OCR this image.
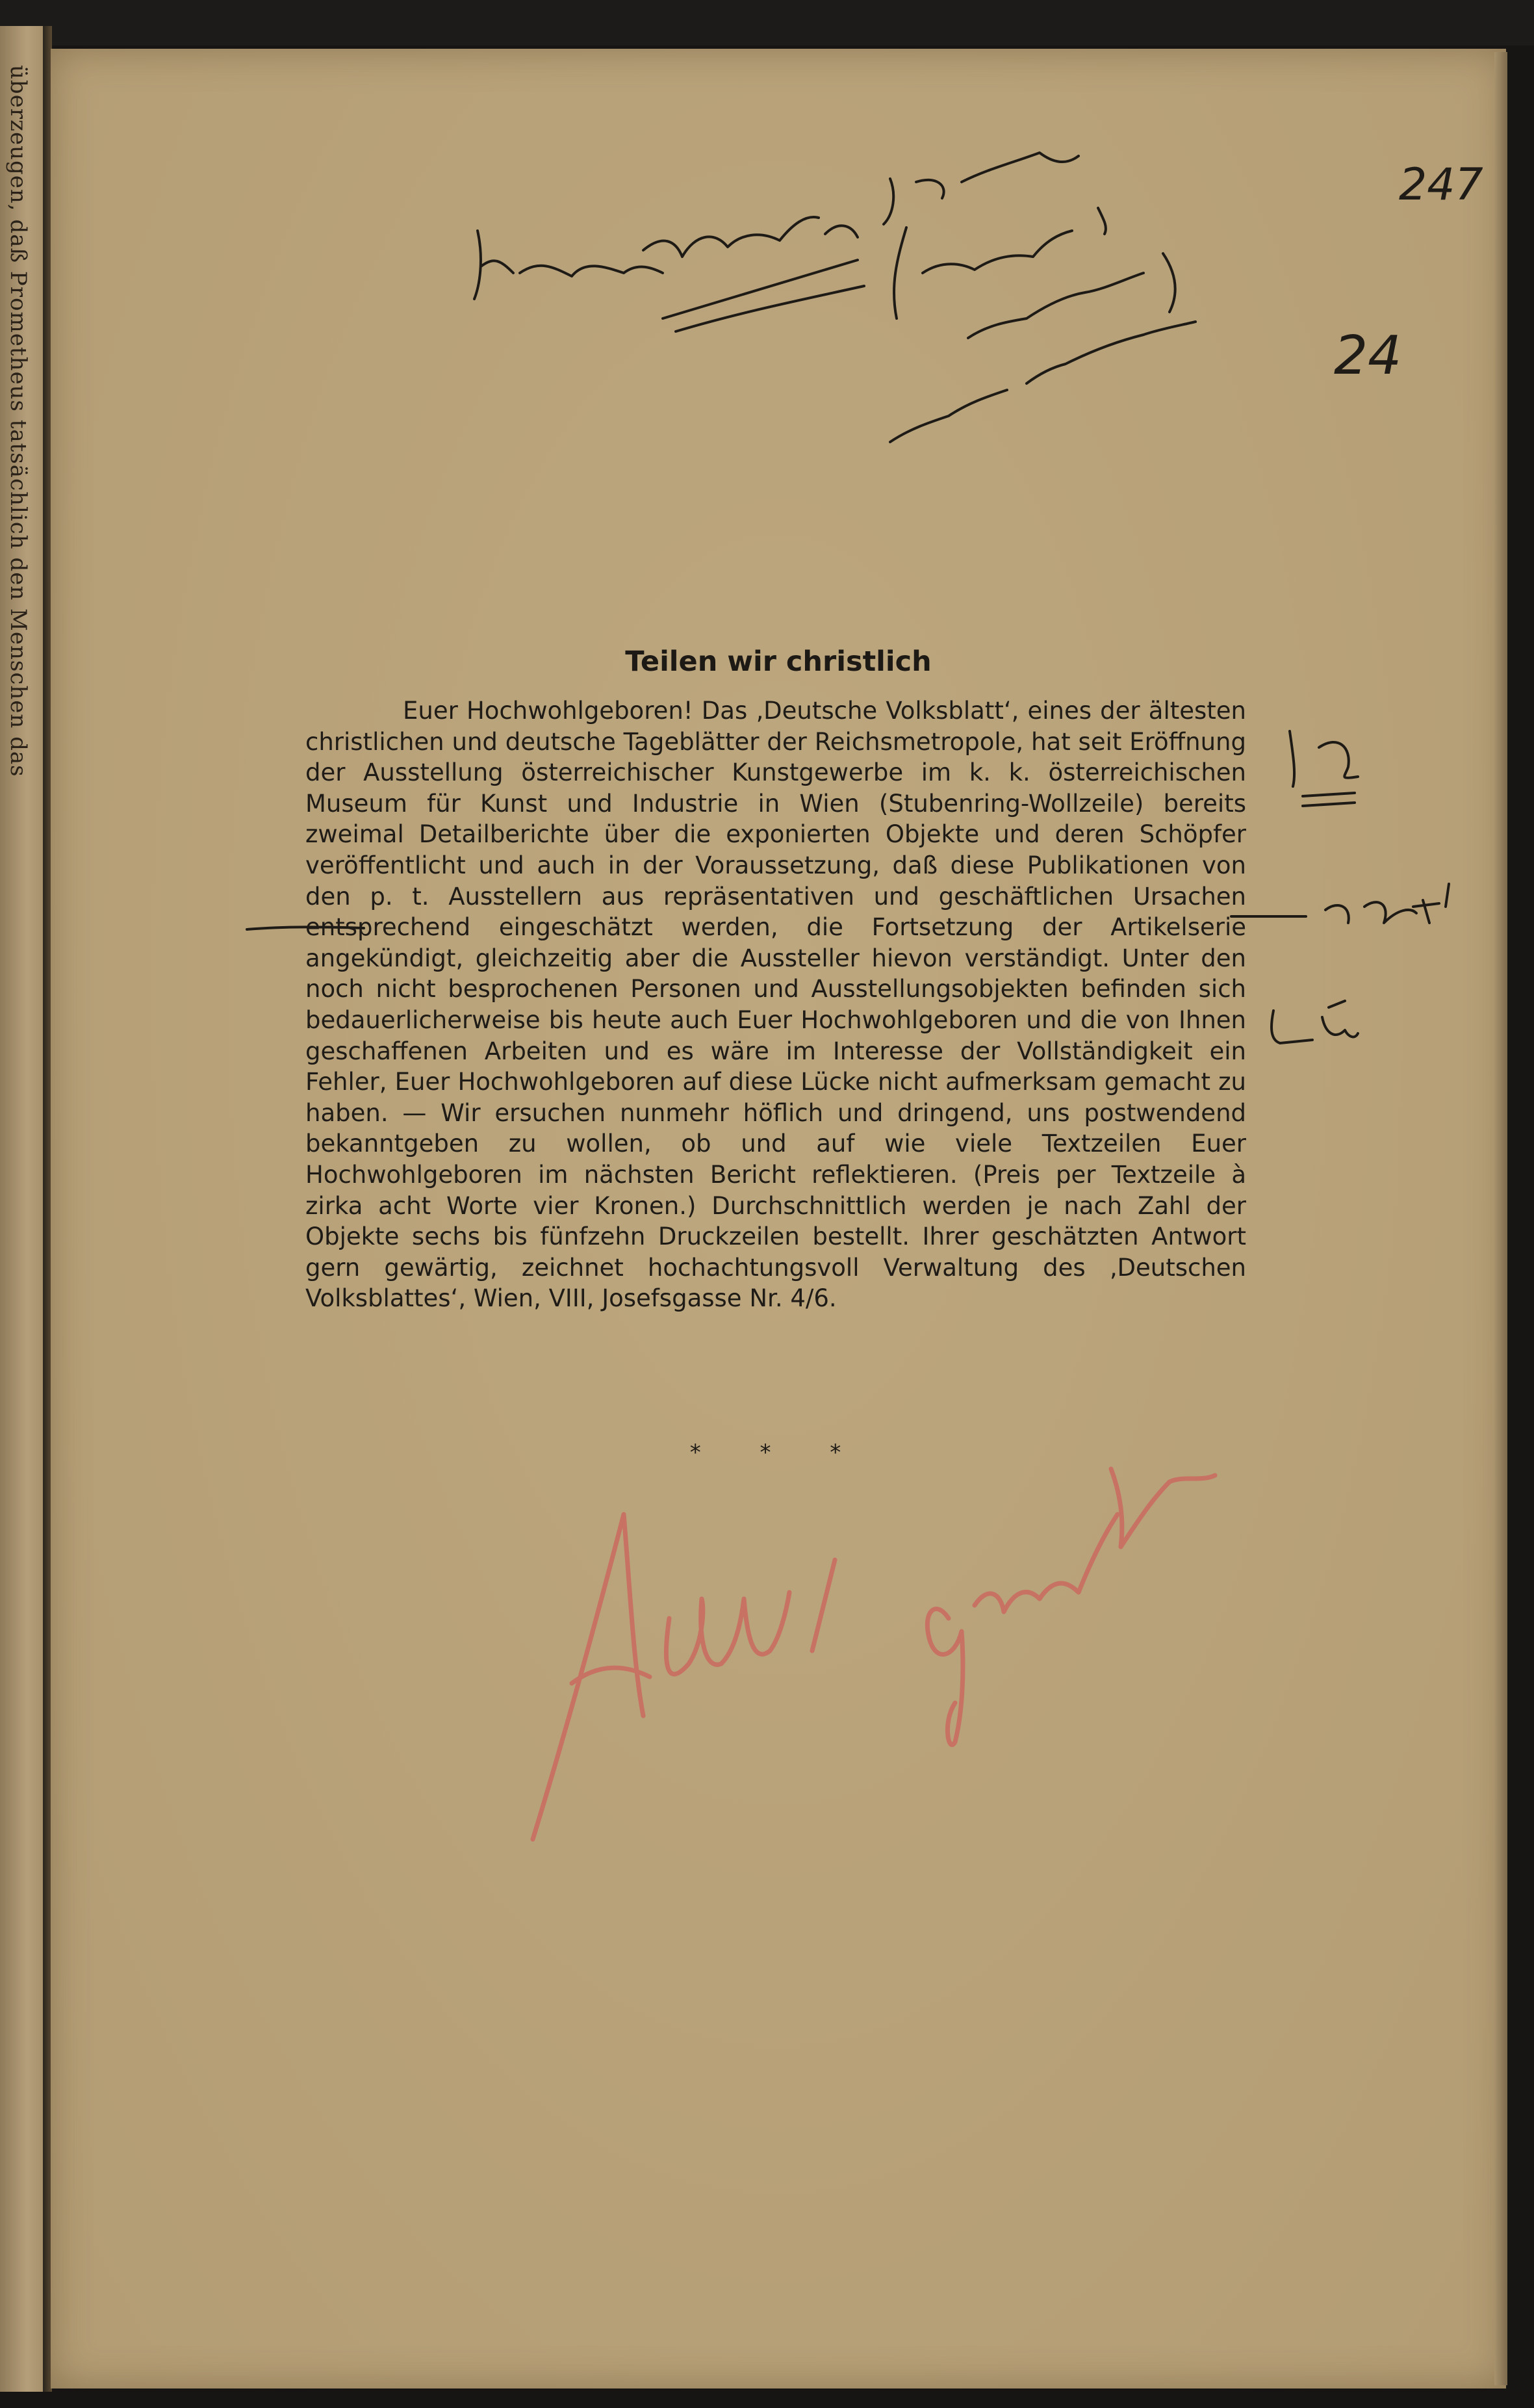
überzeugen, daß Prometheus tatsächlich den Menschen das	247
24
Teilen wir christlich

Euer Hochwohlgeboren! Das ‚Deutsche Volksblatt‘, eines der ältesten christlichen und deutsche Tageblätter der Reichsmetropole, hat seit Eröffnung der Ausstellung österreichischer Kunstgewerbe im k. k. österreichischen Museum für Kunst und Industrie in Wien (Stubenring-Wollzeile) bereits zweimal Detailberichte über die exponierten Objekte und deren Schöpfer veröffentlicht und auch in der Voraussetzung, daß diese Publikationen von den p. t. Ausstellern aus repräsentativen und geschäftlichen Ursachen entsprechend eingeschätzt werden, die Fortsetzung der Artikelserie angekündigt, gleichzeitig aber die Aussteller hievon verständigt. Unter den noch nicht besprochenen Personen und Ausstellungsobjekten befinden sich bedauerlicherweise bis heute auch Euer Hochwohlgeboren und die von Ihnen geschaffenen Arbeiten und es wäre im Interesse der Vollständigkeit ein Fehler, Euer Hochwohlgeboren auf diese Lücke nicht aufmerksam gemacht zu haben. — Wir ersuchen nunmehr höflich und dringend, uns postwendend bekanntgeben zu wollen, ob und auf wie viele Textzeilen Euer Hochwohlgeboren im nächsten Bericht reflektieren. (Preis per Textzeile à zirka acht Worte vier Kronen.) Durchschnittlich werden je nach Zahl der Objekte sechs bis fünfzehn Druckzeilen bestellt. Ihrer geschätzten Antwort gern gewärtig, zeichnet hochachtungsvoll Verwaltung des ‚Deutschen Volksblattes‘, Wien, VIII, Josefsgasse Nr. 4/6.

* * *
